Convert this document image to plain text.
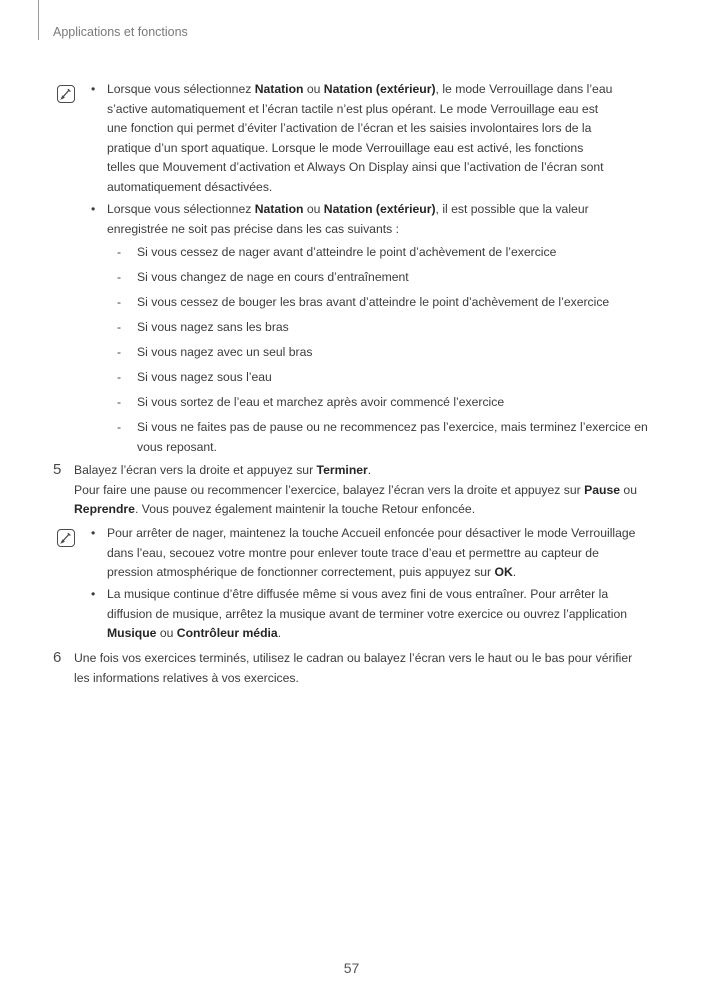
Applications et fonctions
• Lorsque vous sélectionnez Natation ou Natation (extérieur), le mode Verrouillage dans l’eau
s’active automatiquement et l’écran tactile n’est plus opérant. Le mode Verrouillage eau est
une fonction qui permet d’éviter l’activation de l’écran et les saisies involontaires lors de la
pratique d’un sport aquatique. Lorsque le mode Verrouillage eau est activé, les fonctions
telles que Mouvement d’activation et Always On Display ainsi que l’activation de l’écran sont
automatiquement désactivées.
• Lorsque vous sélectionnez Natation ou Natation (extérieur), il est possible que la valeur
enregistrée ne soit pas précise dans les cas suivants :
- Si vous cessez de nager avant d’atteindre le point d’achèvement de l’exercice
- Si vous changez de nage en cours d’entraînement
- Si vous cessez de bouger les bras avant d’atteindre le point d’achèvement de l’exercice
- Si vous nagez sans les bras
- Si vous nagez avec un seul bras
- Si vous nagez sous l’eau
- Si vous sortez de l’eau et marchez après avoir commencé l’exercice
- Si vous ne faites pas de pause ou ne recommencez pas l’exercice, mais terminez l’exercice en
vous reposant.
5 Balayez l’écran vers la droite et appuyez sur Terminer.
Pour faire une pause ou recommencer l’exercice, balayez l’écran vers la droite et appuyez sur Pause ou
Reprendre. Vous pouvez également maintenir la touche Retour enfoncée.
• Pour arrêter de nager, maintenez la touche Accueil enfoncée pour désactiver le mode Verrouillage
dans l’eau, secouez votre montre pour enlever toute trace d’eau et permettre au capteur de
pression atmosphérique de fonctionner correctement, puis appuyez sur OK.
• La musique continue d’être diffusée même si vous avez fini de vous entraîner. Pour arrêter la
diffusion de musique, arrêtez la musique avant de terminer votre exercice ou ouvrez l’application
Musique ou Contrôleur média.
6 Une fois vos exercices terminés, utilisez le cadran ou balayez l’écran vers le haut ou le bas pour vérifier
les informations relatives à vos exercices.
57
